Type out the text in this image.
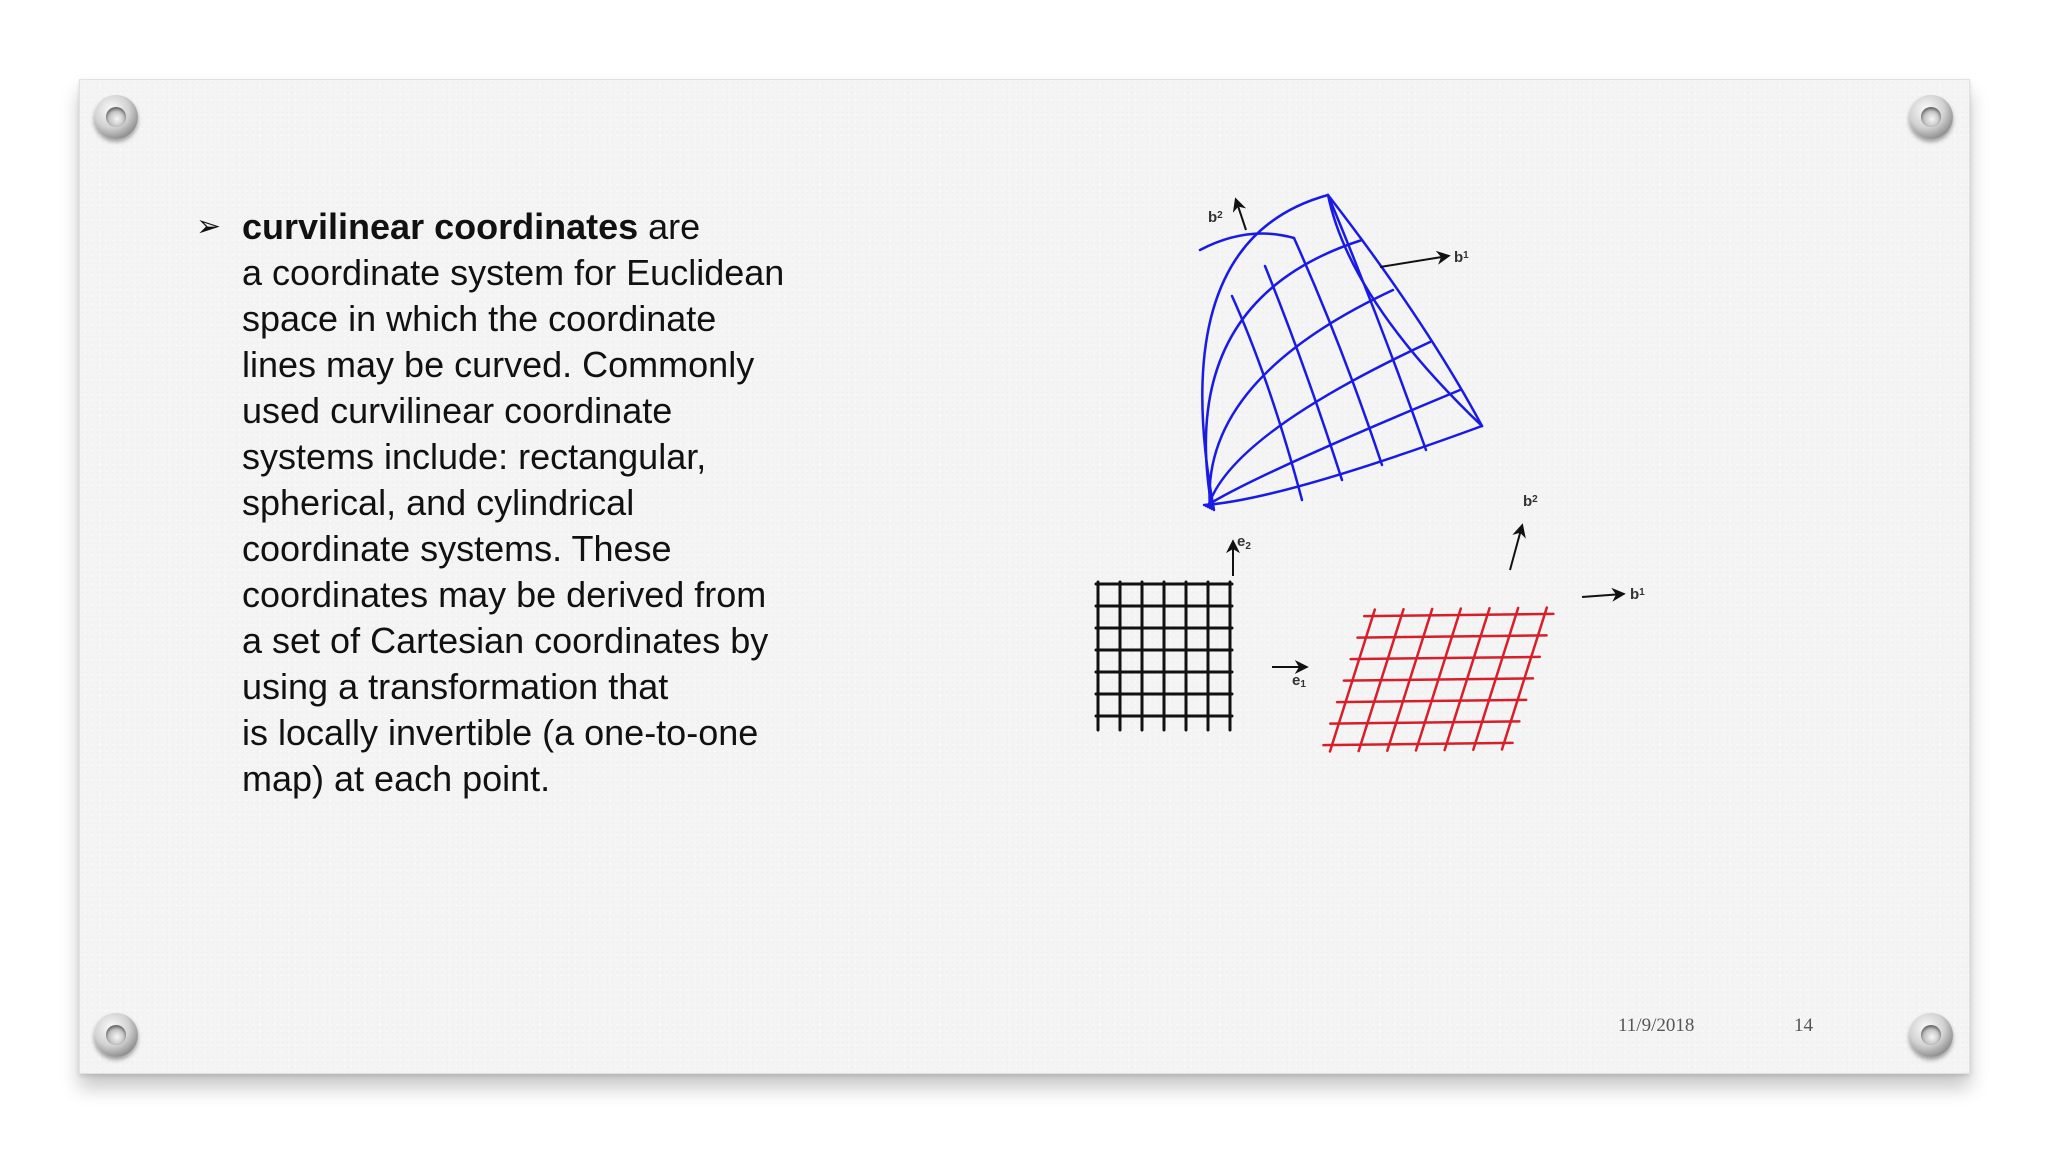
➢ curvilinear coordinates are
a coordinate system for Euclidean
space in which the coordinate
lines may be curved. Commonly
used curvilinear coordinate
systems include: rectangular,
spherical, and cylindrical
coordinate systems. These
coordinates may be derived from
a set of Cartesian coordinates by
using a transformation that
is locally invertible (a one-to-one
map) at each point.
$b^2$
$b^1$
$e_2$
e1
$b^2$
$b^1$
11/9/2018	14
